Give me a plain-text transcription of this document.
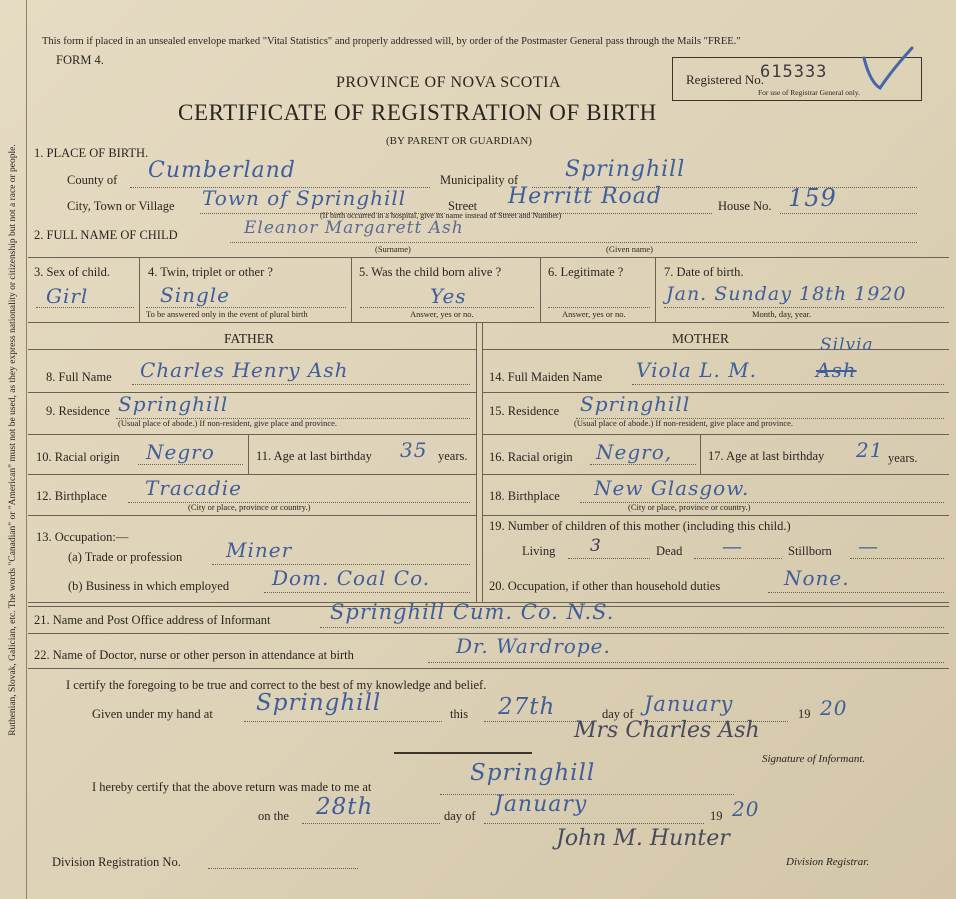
Ruthenian, Slovak, Galician, etc. The words "Canadian" or "American" must not be used, as they express nationality or citizenship but not a race or people.
This form if placed in an unsealed envelope marked "Vital Statistics" and properly addressed will, by order of the Postmaster General pass through the Mails "FREE."
FORM 4.
PROVINCE OF NOVA SCOTIA
CERTIFICATE OF REGISTRATION OF BIRTH
(BY PARENT OR GUARDIAN)
Registered No.
615333
For use of Registrar General only.
1. PLACE OF BIRTH.
County of Cumberland	Municipality of Springhill
City, Town or Village Town of Springhill	Street Herritt Road
(If birth occurred in a hospital, give its name instead of Street and Number)
House No. 159
2. FULL NAME OF CHILD	Eleanor Margarett Ash
(Surname)	(Given name)
3. Sex of child.
Girl
4. Twin, triplet or other ?
Single
To be answered only in the event of plural birth
5. Was the child born alive ?
Yes
Answer, yes or no.
6. Legitimate ?
Answer, yes or no.
7. Date of birth.
Jan. Sunday 18th 1920
Month, day, year.
FATHER	MOTHER
8. Full Name Charles Henry Ash
9. Residence Springhill
(Usual place of abode.) If non-resident, give place and province.
10. Racial origin Negro	11. Age at last birthday 35 years.
12. Birthplace Tracadie
(City or place, province or country.)
13. Occupation:—
(a) Trade or profession Miner
(b) Business in which employed Dom. Coal Co.
14. Full Maiden Name Viola L. M.	Ash
Silvia
15. Residence Springhill
(Usual place of abode.) If non-resident, give place and province.
16. Racial origin Negro,	17. Age at last birthday 21 years.
18. Birthplace New Glasgow.
(City or place, province or country.)
19. Number of children of this mother (including this child.)
Living 3	Dead —	Stillborn —
20. Occupation, if other than household duties	None.
21. Name and Post Office address of Informant	Springhill Cum. Co. N.S.
22. Name of Doctor, nurse or other person in attendance at birth	Dr. Wardrope.
I certify the foregoing to be true and correct to the best of my knowledge and belief.
Given under my hand at Springhill	this 27th	day of January	19 20
Mrs Charles Ash
Signature of Informant.
I hereby certify that the above return was made to me at
Springhill
on the 28th	day of January	19 20
John M. Hunter
Division Registration No.	Division Registrar.
